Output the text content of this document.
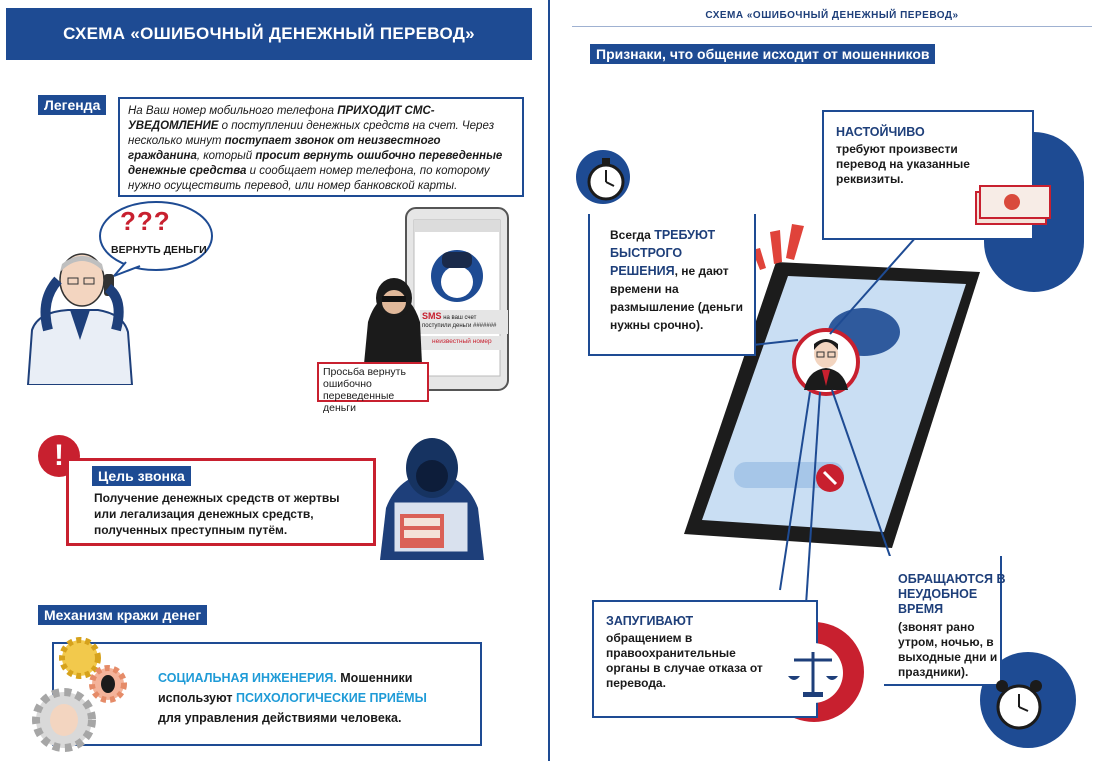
СХЕМА «ОШИБОЧНЫЙ ДЕНЕЖНЫЙ ПЕРЕВОД»
Легенда	На Ваш номер мобильного телефона ПРИХОДИТ СМС-УВЕДОМЛЕНИЕ о поступлении денежных средств на счет. Через несколько минут поступает звонок от неизвестного гражданина, который просит вернуть ошибочно переведенные денежные средства и сообщает номер телефона, по которому нужно осуществить перевод, или номер банковской карты.
???
ВЕРНУТЬ ДЕНЬГИ
SMS на ваш счет поступили деньги #######
неизвестный номер
Просьба вернуть ошибочно переведенные деньги
!
Цель звонка
Получение денежных средств от жертвы или легализация денежных средств, полученных преступным путём.
Механизм кражи денег
СОЦИАЛЬНАЯ ИНЖЕНЕРИЯ. Мошенники используют ПСИХОЛОГИЧЕСКИЕ ПРИЁМЫ
для управления действиями человека.
СХЕМА «ОШИБОЧНЫЙ ДЕНЕЖНЫЙ ПЕРЕВОД»
Признаки, что общение исходит от мошенников
Всегда ТРЕБУЮТ БЫСТРОГО РЕШЕНИЯ, не дают времени на размышление (деньги нужны срочно).
НАСТОЙЧИВО
требуют произвести перевод на указанные реквизиты.
ЗАПУГИВАЮТ
обращением в правоохранительные органы в случае отказа от перевода.
ОБРАЩАЮТСЯ В НЕУДОБНОЕ ВРЕМЯ
(звонят рано утром, ночью, в выходные дни и праздники).
